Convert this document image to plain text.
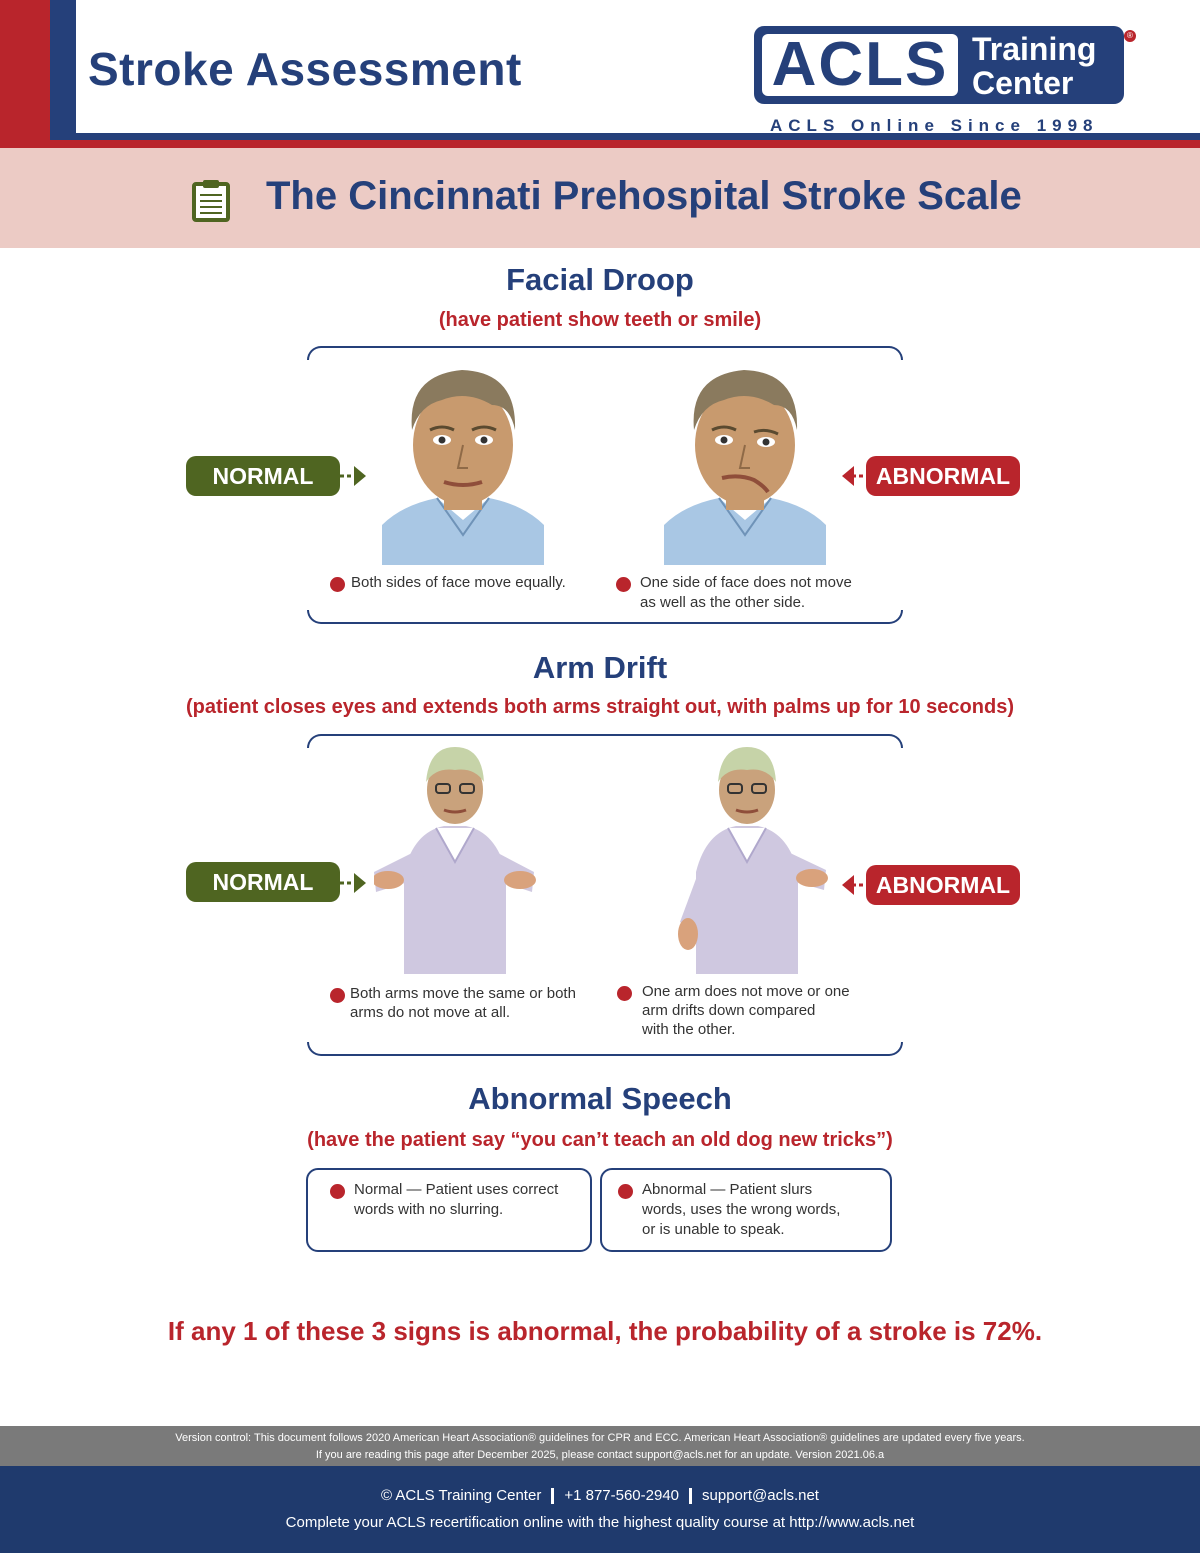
Stroke Assessment	ACLS Training
Center
®
ACLS Online Since 1998
The Cincinnati Prehospital Stroke Scale
Facial Droop
(have patient show teeth or smile)
NORMAL	ABNORMAL
Both sides of face move equally.	One side of face does not move
as well as the other side.
Arm Drift
(patient closes eyes and extends both arms straight out, with palms up for 10 seconds)
NORMAL	ABNORMAL
Both arms move the same or both
arms do not move at all.
One arm does not move or one
arm drifts down compared
with the other.
Abnormal Speech
(have the patient say “you can’t teach an old dog new tricks”)
Normal — Patient uses correct
words with no slurring.
Abnormal — Patient slurs
words, uses the wrong words,
or is unable to speak.
If any 1 of these 3 signs is abnormal, the probability of a stroke is 72%.
Version control: This document follows 2020 American Heart Association® guidelines for CPR and ECC. American Heart Association® guidelines are updated every five years.
If you are reading this page after December 2025, please contact support@acls.net for an update. Version 2021.06.a
© ACLS Training Center +1 877-560-2940 support@acls.net
Complete your ACLS recertification online with the highest quality course at http://www.acls.net
